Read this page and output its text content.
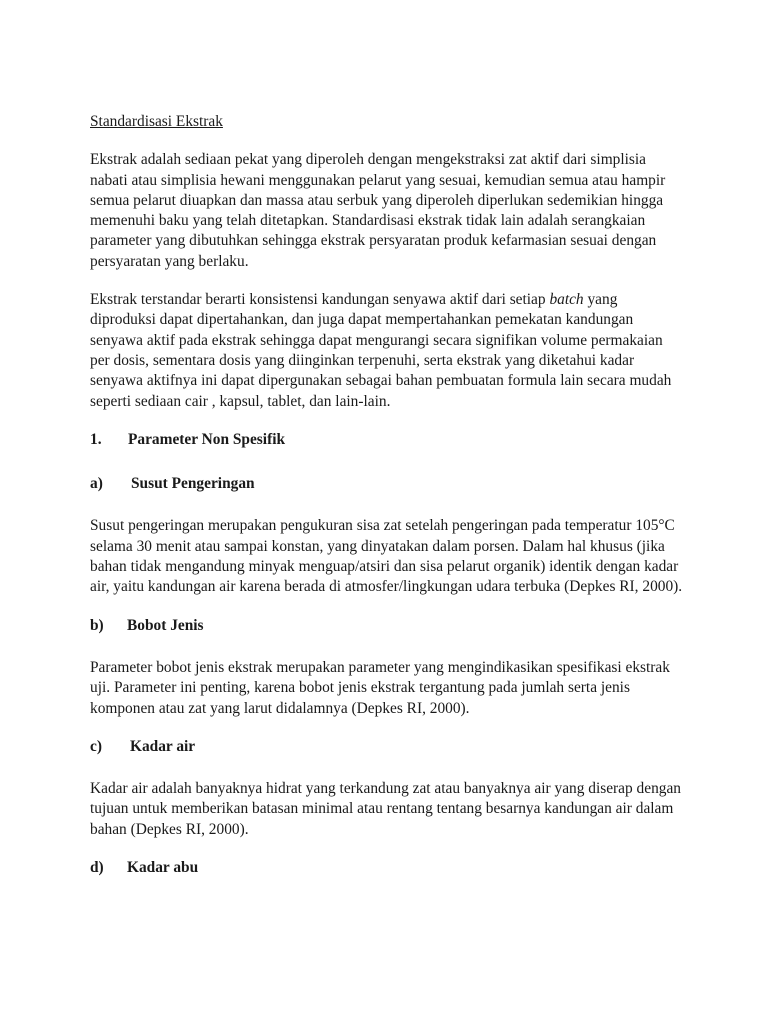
Standardisasi Ekstrak

Ekstrak adalah sediaan pekat yang diperoleh dengan mengekstraksi zat aktif dari simplisia nabati atau simplisia hewani menggunakan pelarut yang sesuai, kemudian semua atau hampir semua pelarut diuapkan dan massa atau serbuk yang diperoleh diperlukan sedemikian hingga memenuhi baku yang telah ditetapkan. Standardisasi ekstrak tidak lain adalah serangkaian parameter yang dibutuhkan sehingga ekstrak persyaratan produk kefarmasian sesuai dengan persyaratan yang berlaku.

Ekstrak terstandar berarti konsistensi kandungan senyawa aktif dari setiap batch yang diproduksi dapat dipertahankan, dan juga dapat mempertahankan pemekatan kandungan senyawa aktif pada ekstrak sehingga dapat mengurangi secara signifikan volume permakaian per dosis, sementara dosis yang diinginkan terpenuhi, serta ekstrak yang diketahui kadar senyawa aktifnya ini dapat dipergunakan sebagai bahan pembuatan formula lain secara mudah seperti sediaan cair , kapsul, tablet, dan lain-lain.

1.	Parameter Non Spesifik
a)	Susut Pengeringan

Susut pengeringan merupakan pengukuran sisa zat setelah pengeringan pada temperatur 105°C selama 30 menit atau sampai konstan, yang dinyatakan dalam porsen. Dalam hal khusus (jika bahan tidak mengandung minyak menguap/atsiri dan sisa pelarut organik) identik dengan kadar air, yaitu kandungan air karena berada di atmosfer/lingkungan udara terbuka (Depkes RI, 2000).

b)	Bobot Jenis

Parameter bobot jenis ekstrak merupakan parameter yang mengindikasikan spesifikasi ekstrak uji. Parameter ini penting, karena bobot jenis ekstrak tergantung pada jumlah serta jenis komponen atau zat yang larut didalamnya (Depkes RI, 2000).

c)	Kadar air

Kadar air adalah banyaknya hidrat yang terkandung zat atau banyaknya air yang diserap dengan tujuan untuk memberikan batasan minimal atau rentang tentang besarnya kandungan air dalam bahan (Depkes RI, 2000).

d)	Kadar abu
